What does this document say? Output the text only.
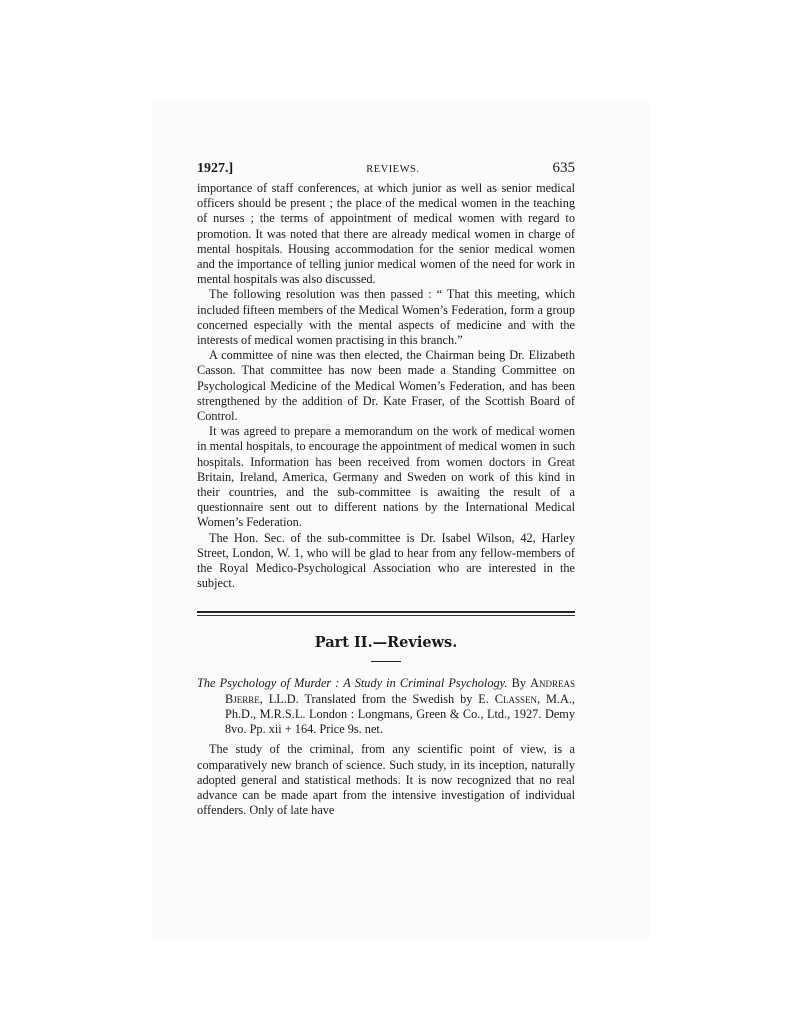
1927.]	REVIEWS.	635

importance of staff conferences, at which junior as well as senior medical officers should be present ; the place of the medical women in the teaching of nurses ; the terms of appointment of medical women with regard to promotion. It was noted that there are already medical women in charge of mental hospitals. Housing accommodation for the senior medical women and the importance of telling junior medical women of the need for work in mental hospitals was also discussed.

The following resolution was then passed : “ That this meeting, which included fifteen members of the Medical Women’s Federation, form a group concerned especially with the mental aspects of medicine and with the interests of medical women practising in this branch.”

A committee of nine was then elected, the Chairman being Dr. Elizabeth Casson. That committee has now been made a Standing Committee on Psychological Medicine of the Medical Women’s Federation, and has been strengthened by the addition of Dr. Kate Fraser, of the Scottish Board of Control.

It was agreed to prepare a memorandum on the work of medical women in mental hospitals, to encourage the appointment of medical women in such hospitals. Information has been received from women doctors in Great Britain, Ireland, America, Germany and Sweden on work of this kind in their countries, and the sub-committee is awaiting the result of a questionnaire sent out to different nations by the International Medical Women’s Federation.

The Hon. Sec. of the sub-committee is Dr. Isabel Wilson, 42, Harley Street, London, W. 1, who will be glad to hear from any fellow-members of the Royal Medico-Psychological Association who are interested in the subject.

Part II.—Reviews.
The Psychology of Murder : A Study in Criminal Psychology. By Andreas Bjerre, LL.D. Translated from the Swedish by E. Classen, M.A., Ph.D., M.R.S.L. London : Longmans, Green & Co., Ltd., 1927. Demy 8vo. Pp. xii + 164. Price 9s. net.

The study of the criminal, from any scientific point of view, is a comparatively new branch of science. Such study, in its inception, naturally adopted general and statistical methods. It is now recognized that no real advance can be made apart from the intensive investigation of individual offenders. Only of late have
